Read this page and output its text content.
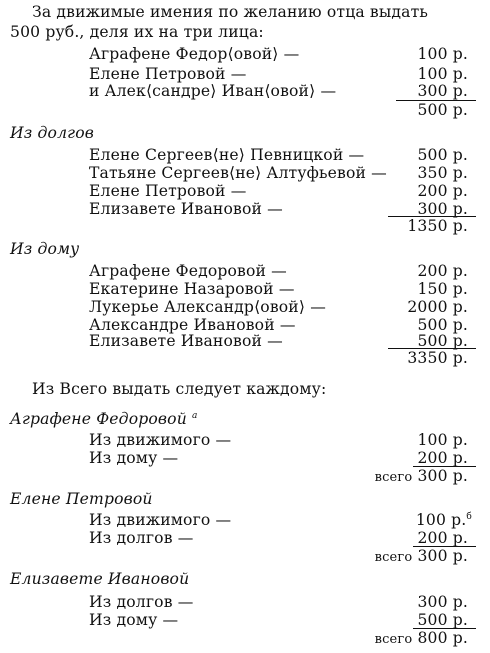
За движимые имения по желанию отца выдать
500 руб., деля их на три лица:
Аграфене Федор⟨овой⟩ —	100 р.
Елене Петровой —	100 р.
и Алек⟨сандре⟩ Иван⟨овой⟩ —	300 р.
500 р.
Из долгов
Елене Сергеев⟨не⟩ Певницкой —	500 р.
Татьяне Сергеев⟨не⟩ Алтуфьевой — 350 р.
Елене Петровой —	200 р.
Елизавете Ивановой —	300 р.
1350 р.
Из дому
Аграфене Федоровой —	200 р.
Екатерине Назаровой —	150 р.
Лукерье Александр⟨овой⟩ —	2000 р.
Александре Ивановой —	500 р.
Елизавете Ивановой —	500 р.
3350 р.
Из Всего выдать следует каждому:
Аграфене Федоровой $^а$
Из движимого —	100 р.
Из дому —	200 р.
всего 300 р.
Елене Петровой
Из движимого —	100 р.$^б$
Из долгов —	200 р.
всего 300 р.
Елизавете Ивановой
Из долгов —	300 р.
Из дому —	500 р.
всего 800 р.
